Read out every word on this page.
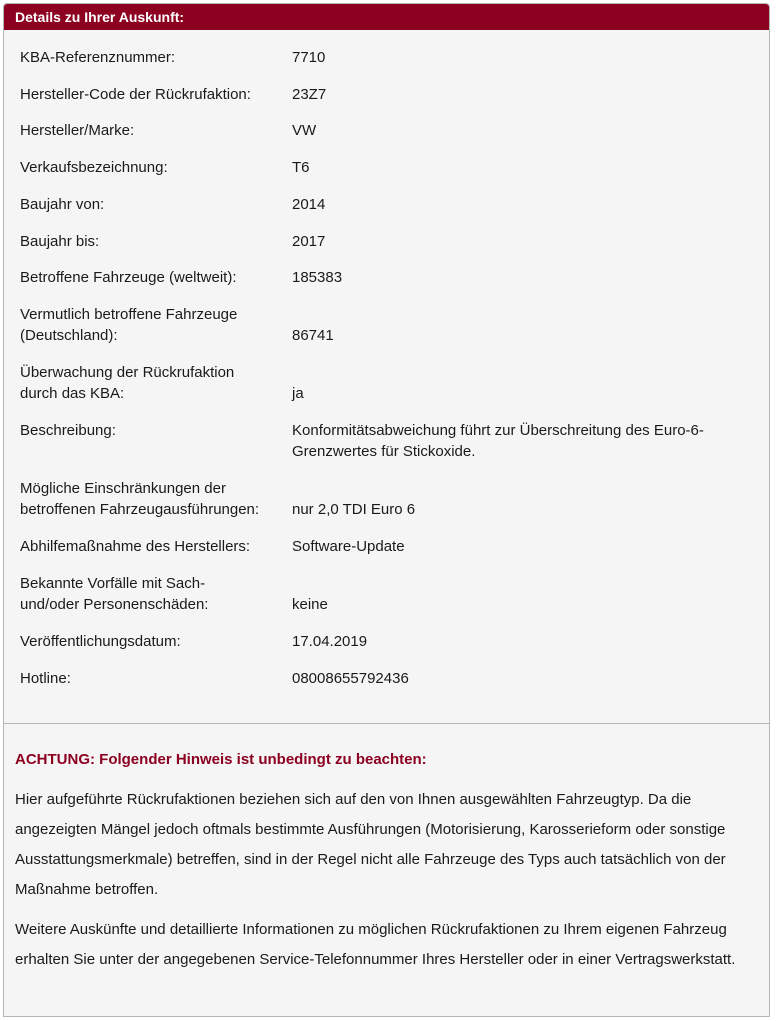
Details zu Ihrer Auskunft:
KBA-Referenznummer:	7710
Hersteller-Code der Rückrufaktion:	23Z7
Hersteller/Marke:	VW
Verkaufsbezeichnung:	T6
Baujahr von:	2014
Baujahr bis:	2017
Betroffene Fahrzeuge (weltweit):	185383
Vermutlich betroffene Fahrzeuge (Deutschland):	86741
Überwachung der Rückrufaktion durch das KBA:	ja
Beschreibung:	Konformitätsabweichung führt zur Überschreitung des Euro-6-Grenzwertes für Stickoxide.
Mögliche Einschränkungen der betroffenen Fahrzeugausführungen:	nur 2,0 TDI Euro 6
Abhilfemaßnahme des Herstellers:	Software-Update
Bekannte Vorfälle mit Sach- und/oder Personenschäden:	keine
Veröffentlichungsdatum:	17.04.2019
Hotline:	08008655792436
ACHTUNG: Folgender Hinweis ist unbedingt zu beachten:
Hier aufgeführte Rückrufaktionen beziehen sich auf den von Ihnen ausgewählten Fahrzeugtyp. Da die angezeigten Mängel jedoch oftmals bestimmte Ausführungen (Motorisierung, Karosserieform oder sonstige Ausstattungsmerkmale) betreffen, sind in der Regel nicht alle Fahrzeuge des Typs auch tatsächlich von der Maßnahme betroffen.
Weitere Auskünfte und detaillierte Informationen zu möglichen Rückrufaktionen zu Ihrem eigenen Fahrzeug erhalten Sie unter der angegebenen Service-Telefonnummer Ihres Hersteller oder in einer Vertragswerkstatt.
